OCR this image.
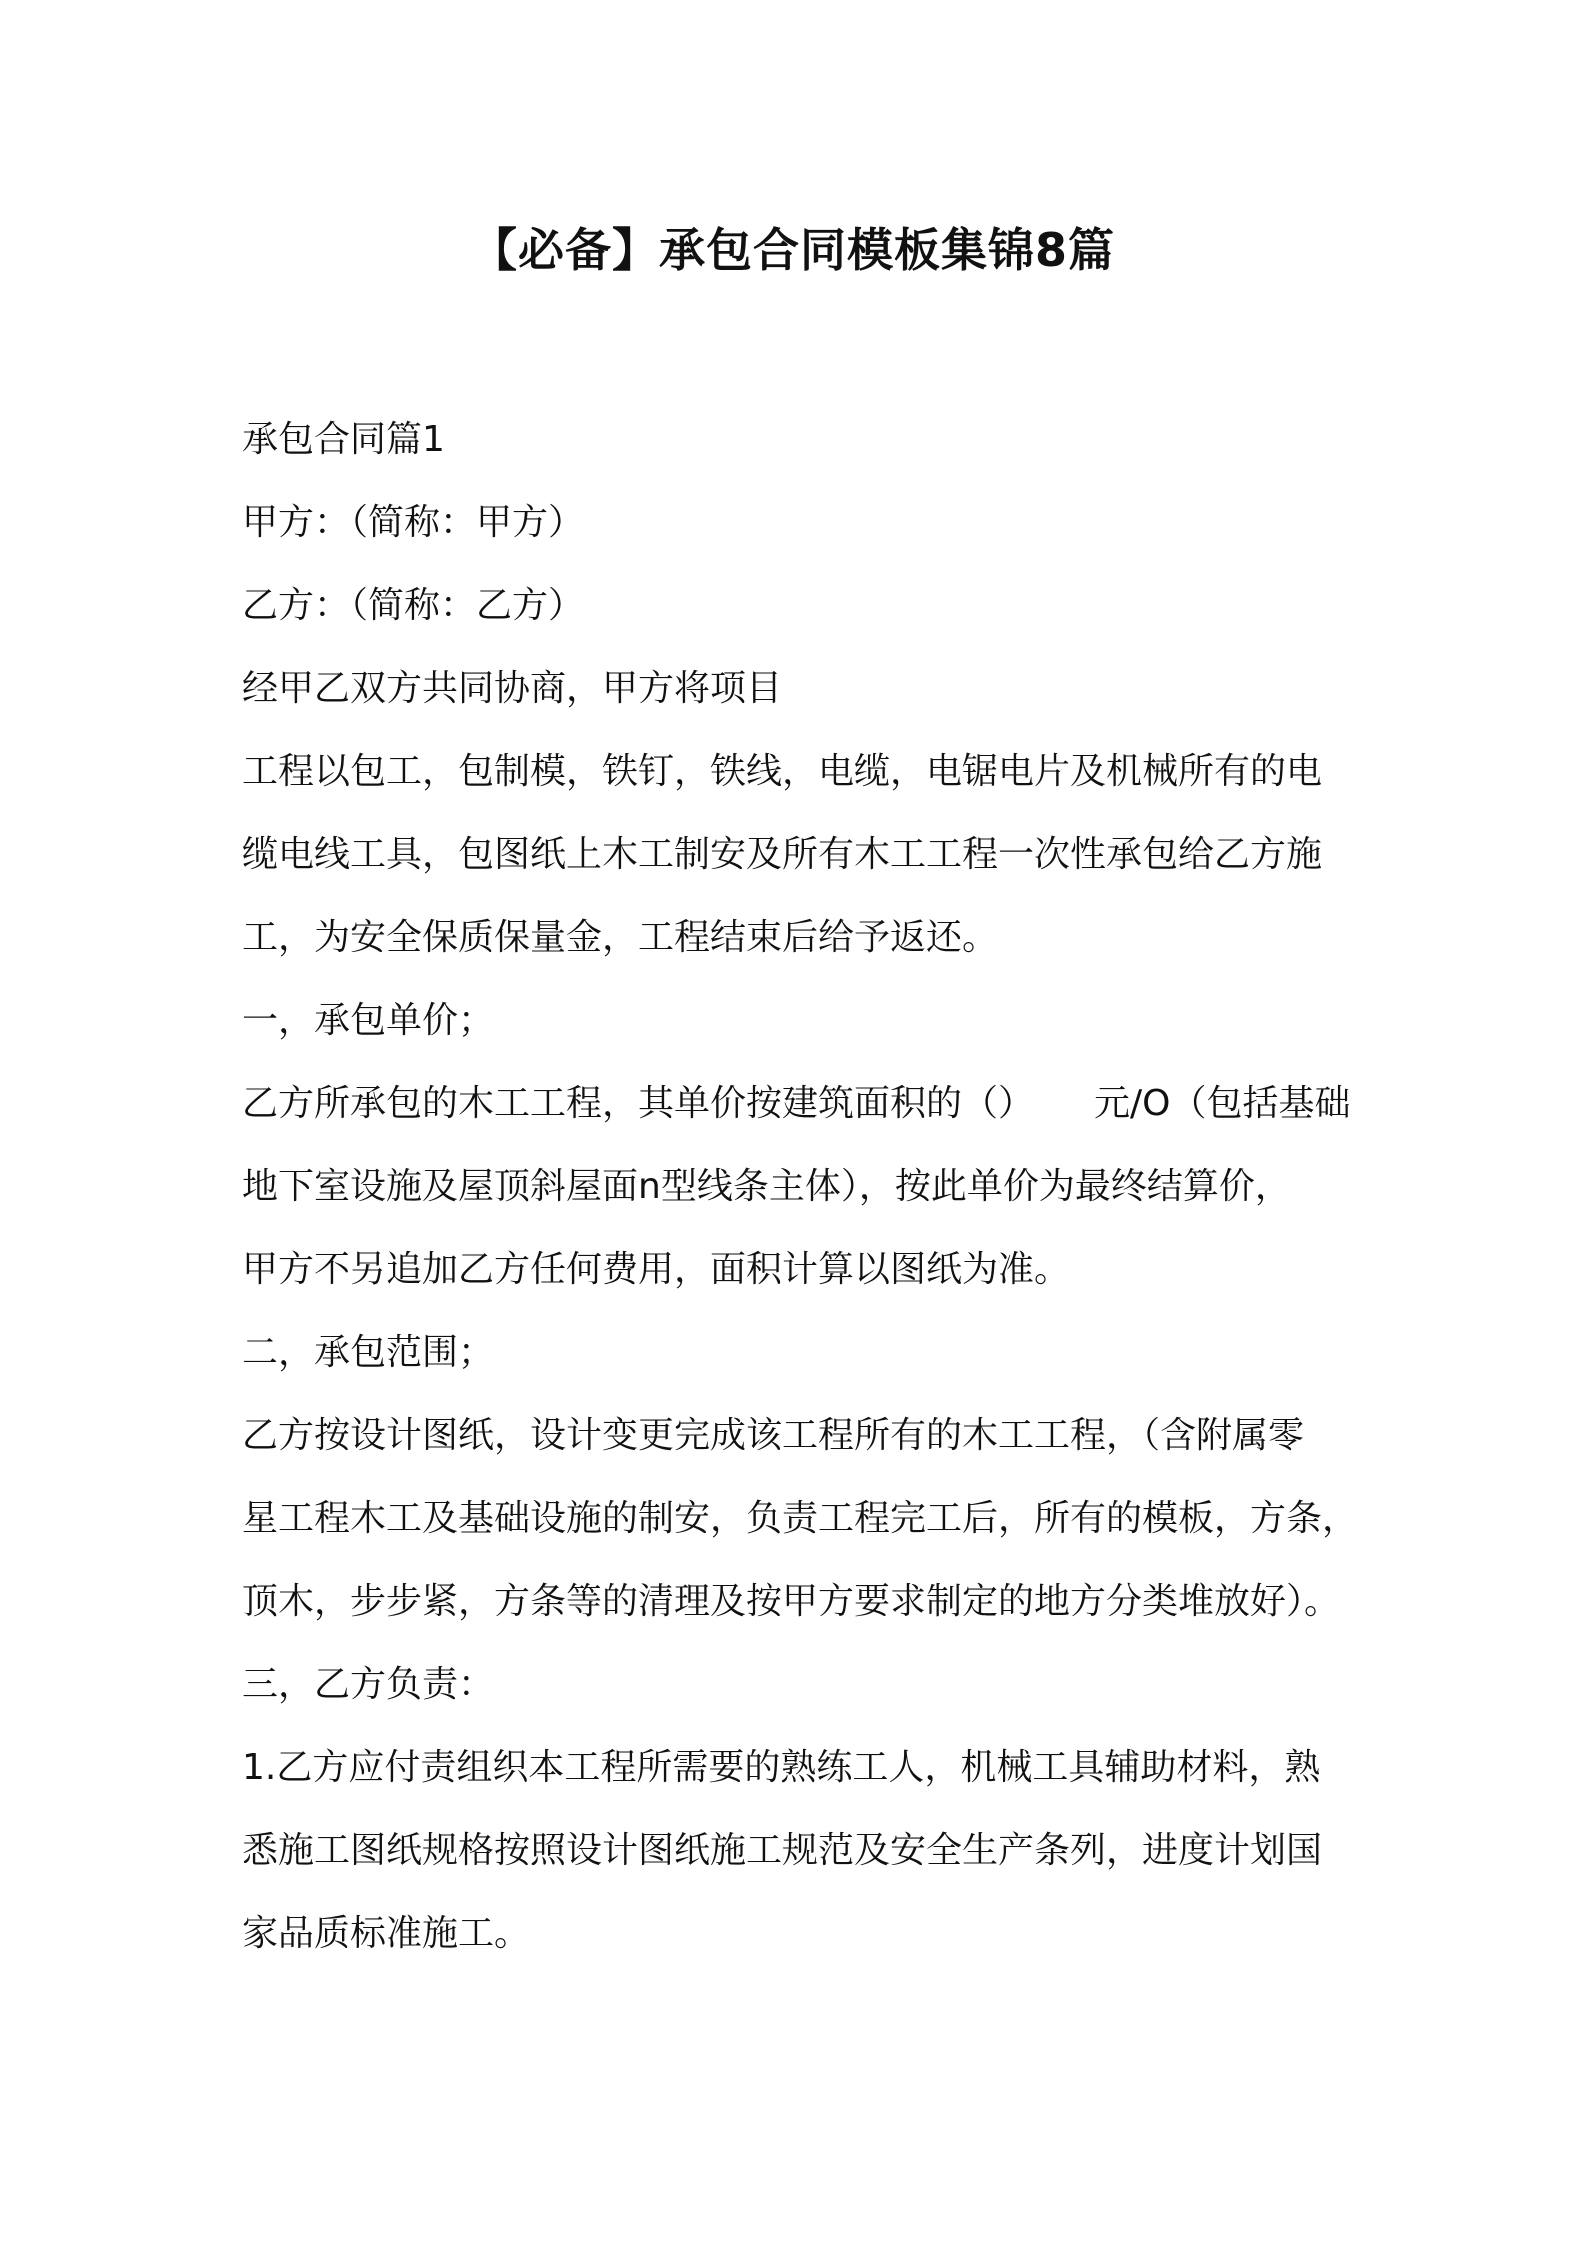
【必备】承包合同模板集锦8篇
承包合同篇1
甲方：（简称：甲方）
乙方：（简称：乙方）
经甲乙双方共同协商，甲方将项目
工程以包工，包制模，铁钉，铁线，电缆，电锯电片及机械所有的电
缆电线工具，包图纸上木工制安及所有木工工程一次性承包给乙方施
工，为安全保质保量金，工程结束后给予返还。
一，承包单价；
乙方所承包的木工工程，其单价按建筑面积的（） 元/O（包括基础
地下室设施及屋顶斜屋面n型线条主体），按此单价为最终结算价，
甲方不另追加乙方任何费用，面积计算以图纸为准。
二，承包范围；
乙方按设计图纸，设计变更完成该工程所有的木工工程，（含附属零
星工程木工及基础设施的制安，负责工程完工后，所有的模板，方条，
顶木，步步紧，方条等的清理及按甲方要求制定的地方分类堆放好）。
三，乙方负责：
1.乙方应付责组织本工程所需要的熟练工人，机械工具辅助材料，熟
悉施工图纸规格按照设计图纸施工规范及安全生产条列，进度计划国
家品质标准施工。
